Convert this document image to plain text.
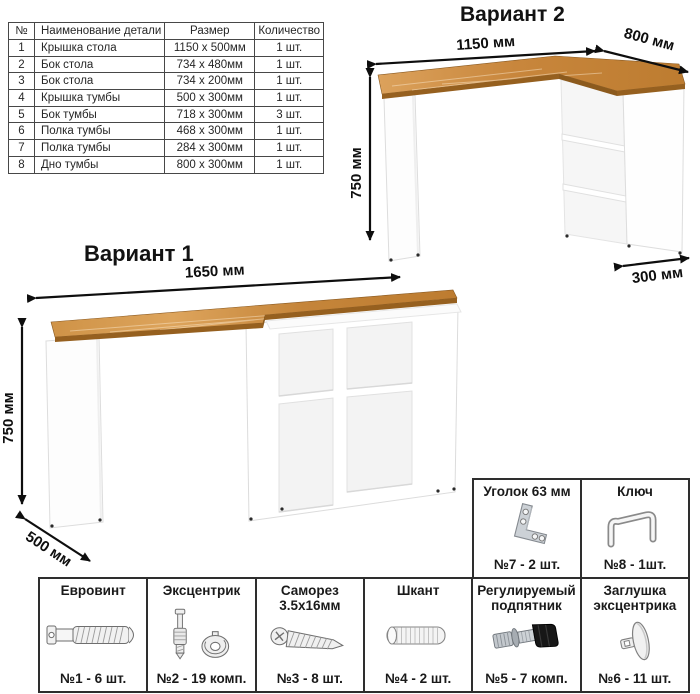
№	Наименование детали	Размер	Количество
1	Крышка стола	1150 x 500мм	1 шт.
2	Бок стола	734 x 480мм	1 шт.
3	Бок стола	734 x 200мм	1 шт.
4	Крышка тумбы	500 x 300мм	1 шт.
5	Бок тумбы	718 x 300мм	3 шт.
6	Полка тумбы	468 x 300мм	1 шт.
7	Полка тумбы	284 x 300мм	1 шт.
8	Дно тумбы	800 x 300мм	1 шт.
Вариант 2
1150 мм	800 мм
750 мм
300 мм
Вариант 1
1650 мм
750 мм
500 мм
Уголок 63 мм
№7 - 2 шт.
Ключ
№8 - 1шт.
Евровинт
№1 - 6 шт.
Эксцентрик
№2 - 19 комп.
Саморез 3.5x16мм
№3 - 8 шт.
Шкант
№4 - 2 шт.
Регулируемый подпятник
№5 - 7 комп.
Заглушка эксцентрика
№6 - 11 шт.
